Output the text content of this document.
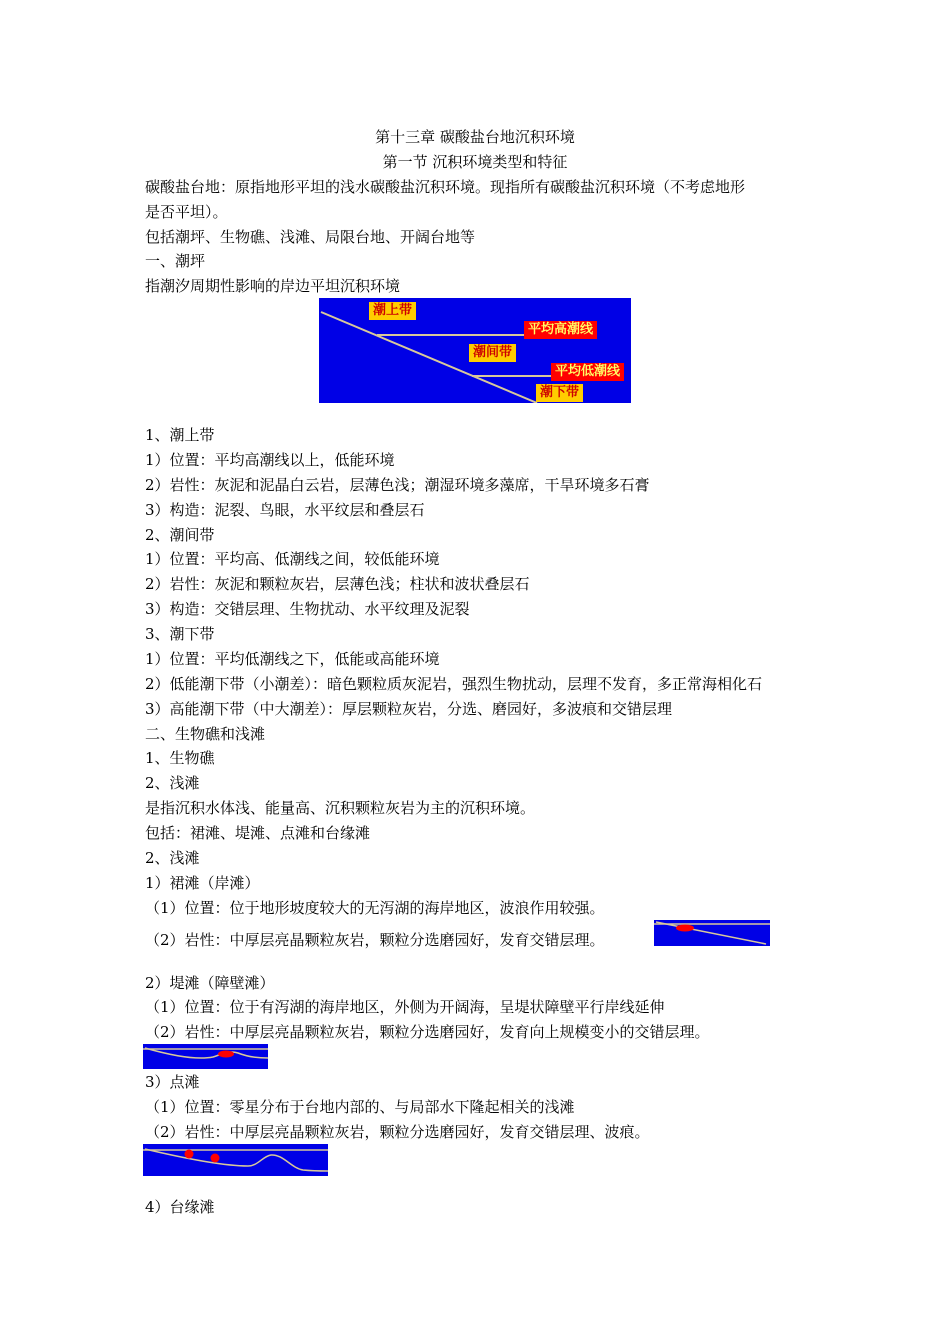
第十三章 碳酸盐台地沉积环境
第一节 沉积环境类型和特征
碳酸盐台地：原指地形平坦的浅水碳酸盐沉积环境。现指所有碳酸盐沉积环境（不考虑地形
是否平坦）。
包括潮坪、生物礁、浅滩、局限台地、开阔台地等
一、潮坪
指潮汐周期性影响的岸边平坦沉积环境
潮上带
平均高潮线
潮间带
平均低潮线
潮下带
1、潮上带
1）位置：平均高潮线以上，低能环境
2）岩性：灰泥和泥晶白云岩，层薄色浅；潮湿环境多藻席，干旱环境多石膏
3）构造：泥裂、鸟眼，水平纹层和叠层石
2、潮间带
1）位置：平均高、低潮线之间，较低能环境
2）岩性：灰泥和颗粒灰岩，层薄色浅；柱状和波状叠层石
3）构造：交错层理、生物扰动、水平纹理及泥裂
3、潮下带
1）位置：平均低潮线之下，低能或高能环境
2）低能潮下带（小潮差）：暗色颗粒质灰泥岩，强烈生物扰动，层理不发育，多正常海相化石
3）高能潮下带（中大潮差）：厚层颗粒灰岩，分选、磨园好，多波痕和交错层理
二、生物礁和浅滩
1、生物礁
2、浅滩
是指沉积水体浅、能量高、沉积颗粒灰岩为主的沉积环境。
包括：裙滩、堤滩、点滩和台缘滩
2、浅滩
1）裙滩（岸滩）
（1）位置：位于地形坡度较大的无泻湖的海岸地区，波浪作用较强。
（2）岩性：中厚层亮晶颗粒灰岩，颗粒分选磨园好，发育交错层理。
2）堤滩（障壁滩）
（1）位置：位于有泻湖的海岸地区，外侧为开阔海，呈堤状障壁平行岸线延伸
（2）岩性：中厚层亮晶颗粒灰岩，颗粒分选磨园好，发育向上规模变小的交错层理。
3）点滩
（1）位置：零星分布于台地内部的、与局部水下隆起相关的浅滩
（2）岩性：中厚层亮晶颗粒灰岩，颗粒分选磨园好，发育交错层理、波痕。
4）台缘滩
